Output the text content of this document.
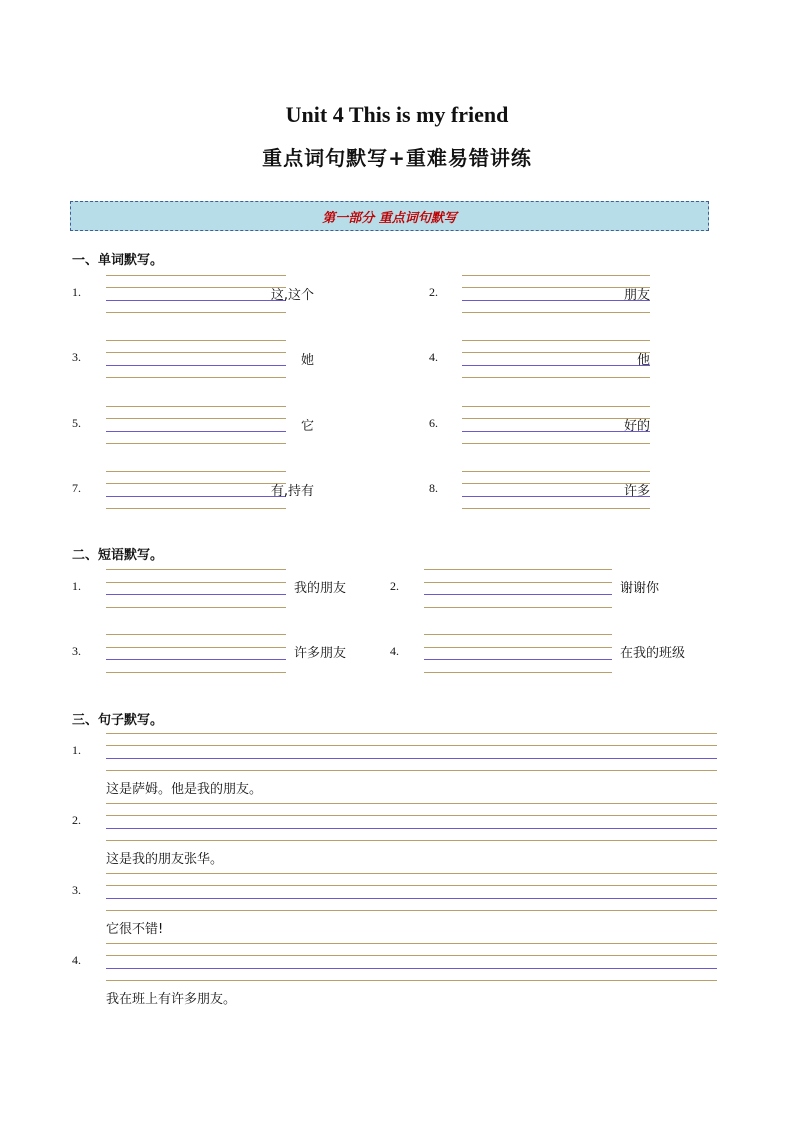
Unit 4 This is my friend
重点词句默写+重难易错讲练
第一部分 重点词句默写
一、单词默写。
1.	这,这个	2.	朋友
3.	她	4.	他
5.	它	6.	好的
7.	有,持有	8.	许多
二、短语默写。
1.	我的朋友	2.	谢谢你
3.	许多朋友	4.	在我的班级
三、句子默写。
1.
这是萨姆。他是我的朋友。
2.
这是我的朋友张华。
3.
它很不错!
4.
我在班上有许多朋友。
